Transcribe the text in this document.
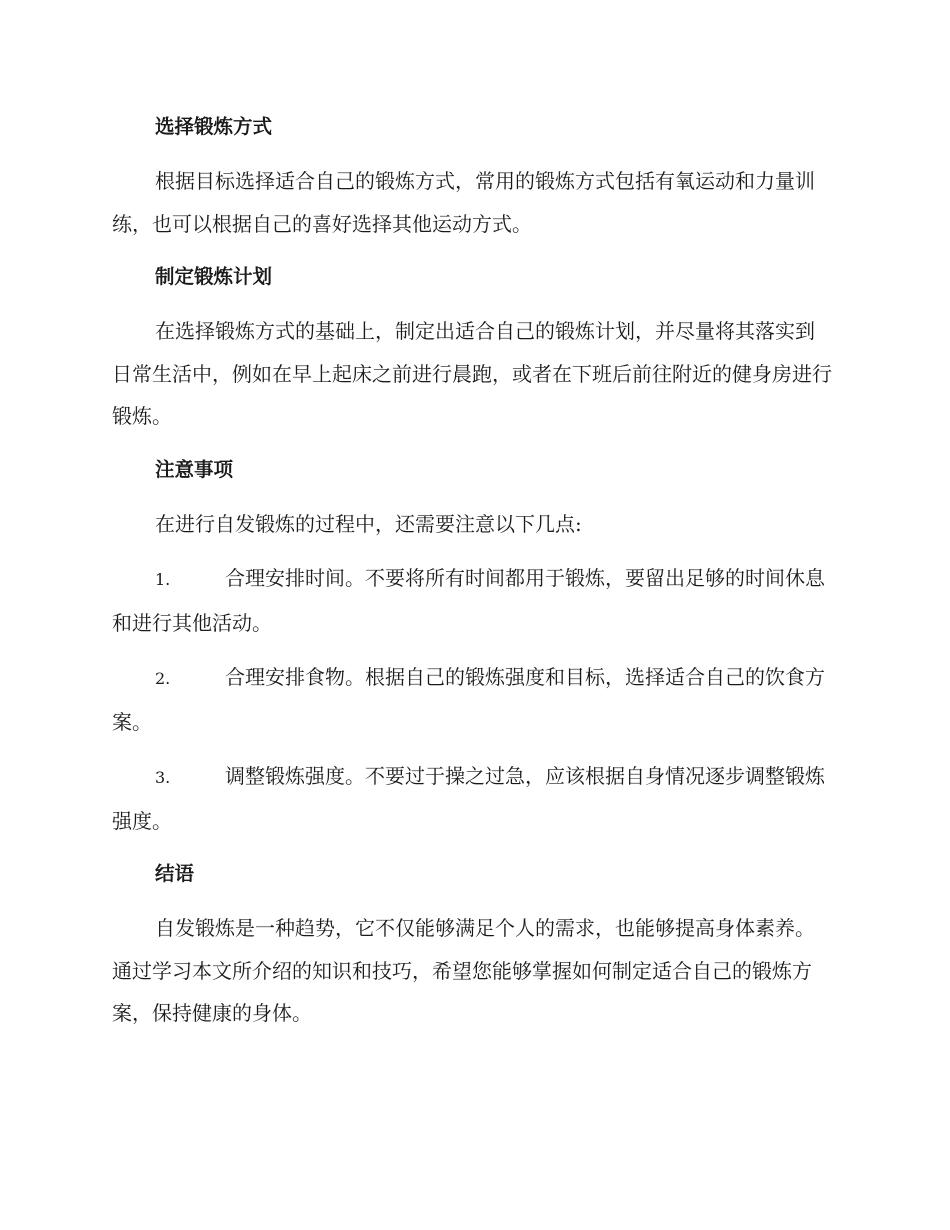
选择锻炼方式

根据目标选择适合自己的锻炼方式，常用的锻炼方式包括有氧运动和力量训练，也可以根据自己的喜好选择其他运动方式。

制定锻炼计划

在选择锻炼方式的基础上，制定出适合自己的锻炼计划，并尽量将其落实到日常生活中，例如在早上起床之前进行晨跑，或者在下班后前往附近的健身房进行锻炼。

注意事项

在进行自发锻炼的过程中，还需要注意以下几点:

1.	合理安排时间。不要将所有时间都用于锻炼，要留出足够的时间休息和进行其他活动。

2.	合理安排食物。根据自己的锻炼强度和目标，选择适合自己的饮食方案。

3.	调整锻炼强度。不要过于操之过急，应该根据自身情况逐步调整锻炼强度。

结语

自发锻炼是一种趋势，它不仅能够满足个人的需求，也能够提高身体素养。通过学习本文所介绍的知识和技巧，希望您能够掌握如何制定适合自己的锻炼方案，保持健康的身体。
